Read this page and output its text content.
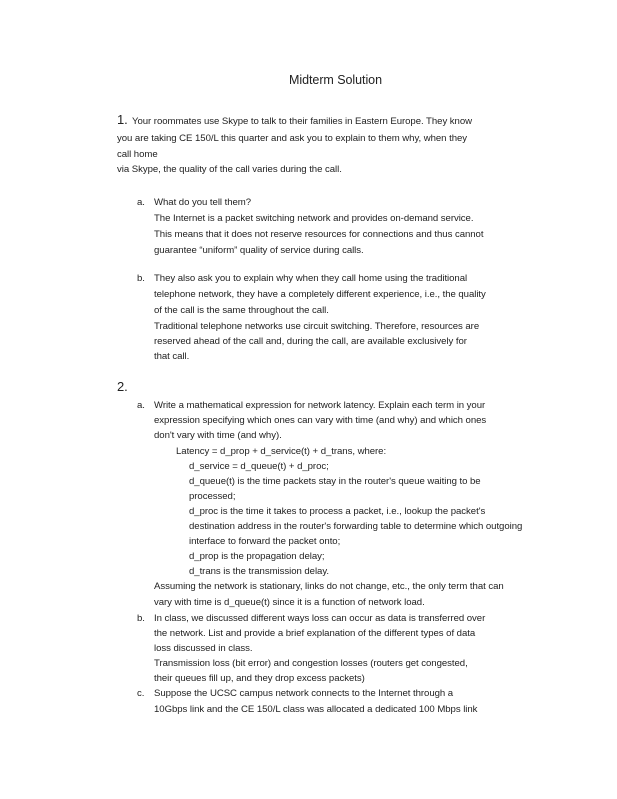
Midterm Solution
1. Your roommates use Skype to talk to their families in Eastern Europe. They know
you are taking CE 150/L this quarter and ask you to explain to them why, when they
call home
via Skype, the quality of the call varies during the call.
a. What do you tell them?
The Internet is a packet switching network and provides on-demand service.
This means that it does not reserve resources for connections and thus cannot
guarantee “uniform” quality of service during calls.
b. They also ask you to explain why when they call home using the traditional
telephone network, they have a completely different experience, i.e., the quality
of the call is the same throughout the call.
Traditional telephone networks use circuit switching. Therefore, resources are
reserved ahead of the call and, during the call, are available exclusively for
that call.
2.
a. Write a mathematical expression for network latency. Explain each term in your
expression specifying which ones can vary with time (and why) and which ones
don't vary with time (and why).
Latency = d_prop + d_service(t) + d_trans, where:
d_service = d_queue(t) + d_proc;
d_queue(t) is the time packets stay in the router's queue waiting to be
processed;
d_proc is the time it takes to process a packet, i.e., lookup the packet's
destination address in the router's forwarding table to determine which outgoing
interface to forward the packet onto;
d_prop is the propagation delay;
d_trans is the transmission delay.
Assuming the network is stationary, links do not change, etc., the only term that can
vary with time is d_queue(t) since it is a function of network load.
b. In class, we discussed different ways loss can occur as data is transferred over
the network. List and provide a brief explanation of the different types of data
loss discussed in class.
Transmission loss (bit error) and congestion losses (routers get congested,
their queues fill up, and they drop excess packets)
c. Suppose the UCSC campus network connects to the Internet through a
10Gbps link and the CE 150/L class was allocated a dedicated 100 Mbps link
